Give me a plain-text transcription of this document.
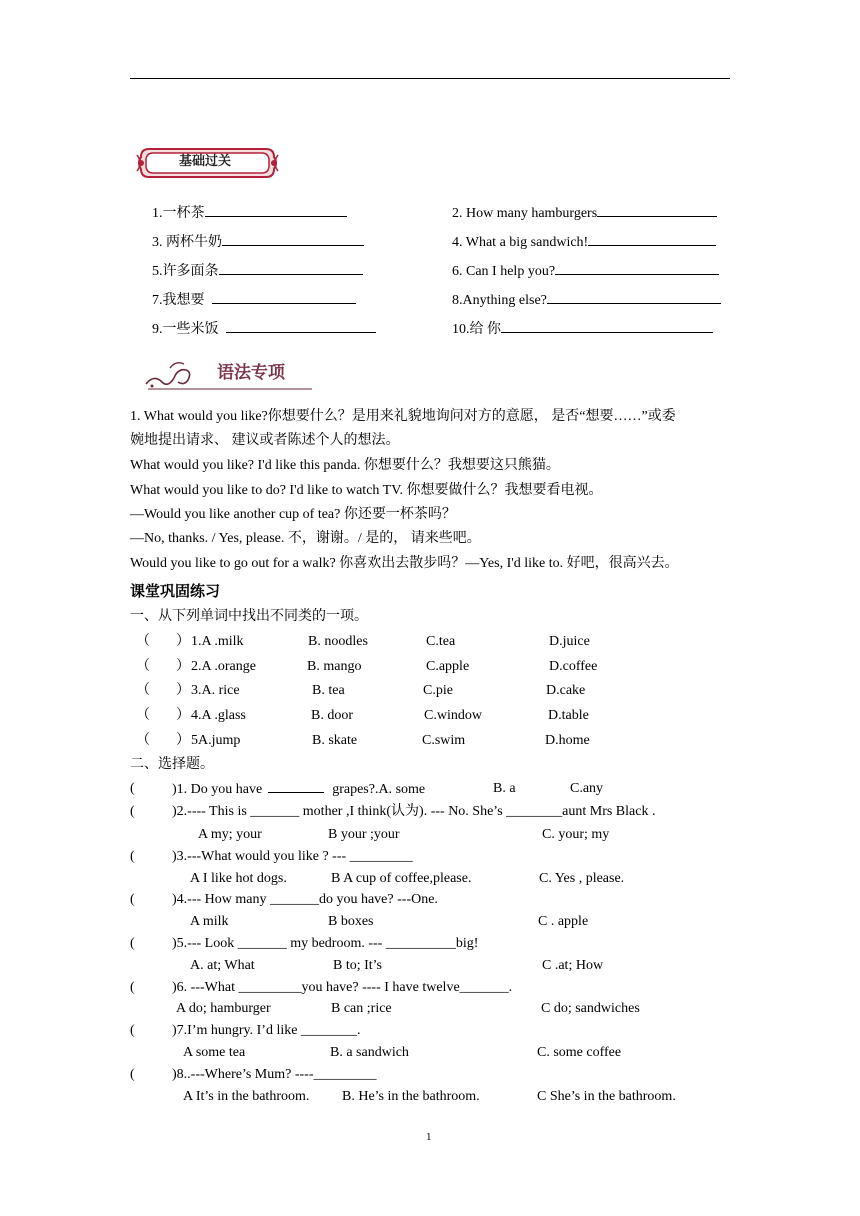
基础过关
1.一杯茶	2. How many hamburgers
3. 两杯牛奶	4. What a big sandwich!
5.许多面条	6. Can I help you?
7.我想要	8.Anything else?
9.一些米饭	10.给 你
语法专项
1. What would you like?你想要什么？是用来礼貌地询问对方的意愿， 是否“想要……”或委
婉地提出请求、 建议或者陈述个人的想法。
What would you like? I'd like this panda. 你想要什么？我想要这只熊猫。
What would you like to do? I'd like to watch TV. 你想要做什么？我想要看电视。
—Would you like another cup of tea? 你还要一杯茶吗？
—No, thanks. / Yes, please. 不，谢谢。/ 是的， 请来些吧。
Would you like to go out for a walk? 你喜欢出去散步吗？—Yes, I'd like to. 好吧，很高兴去。
课堂巩固练习
一、从下列单词中找出不同类的一项。
（ ） 1.A .milk	B. noodles	C.tea	D.juice
（ ） 2.A .orange	B. mango	C.apple	D.coffee
（ ） 3.A. rice	B. tea	C.pie	D.cake
（ ） 4.A .glass	B. door	C.window	D.table
（ ） 5A.jump	B. skate	C.swim	D.home
二、选择题。
(	)1. Do you have	grapes?.A. some	B. a	C.any
(	)2.---- This is _______ mother ,I think(认为). --- No. She’s ________aunt Mrs Black .
A my; your	B your ;your	C. your; my
(	)3.---What would you like ? --- _________
A I like hot dogs.	B A cup of coffee,please.	C. Yes , please.
(	)4.--- How many _______do you have? ---One.
A milk	B boxes	C . apple
(	)5.--- Look _______ my bedroom. --- __________big!
A. at; What	B to; It’s	C .at; How
(	)6. ---What _________you have? ---- I have twelve_______.
A do; hamburger	B can ;rice	C do; sandwiches
(	)7.I’m hungry. I’d like ________.
A some tea	B. a sandwich	C. some coffee
(	)8..---Where’s Mum? ----_________
A It’s in the bathroom. B. He’s in the bathroom.	C She’s in the bathroom.
1
